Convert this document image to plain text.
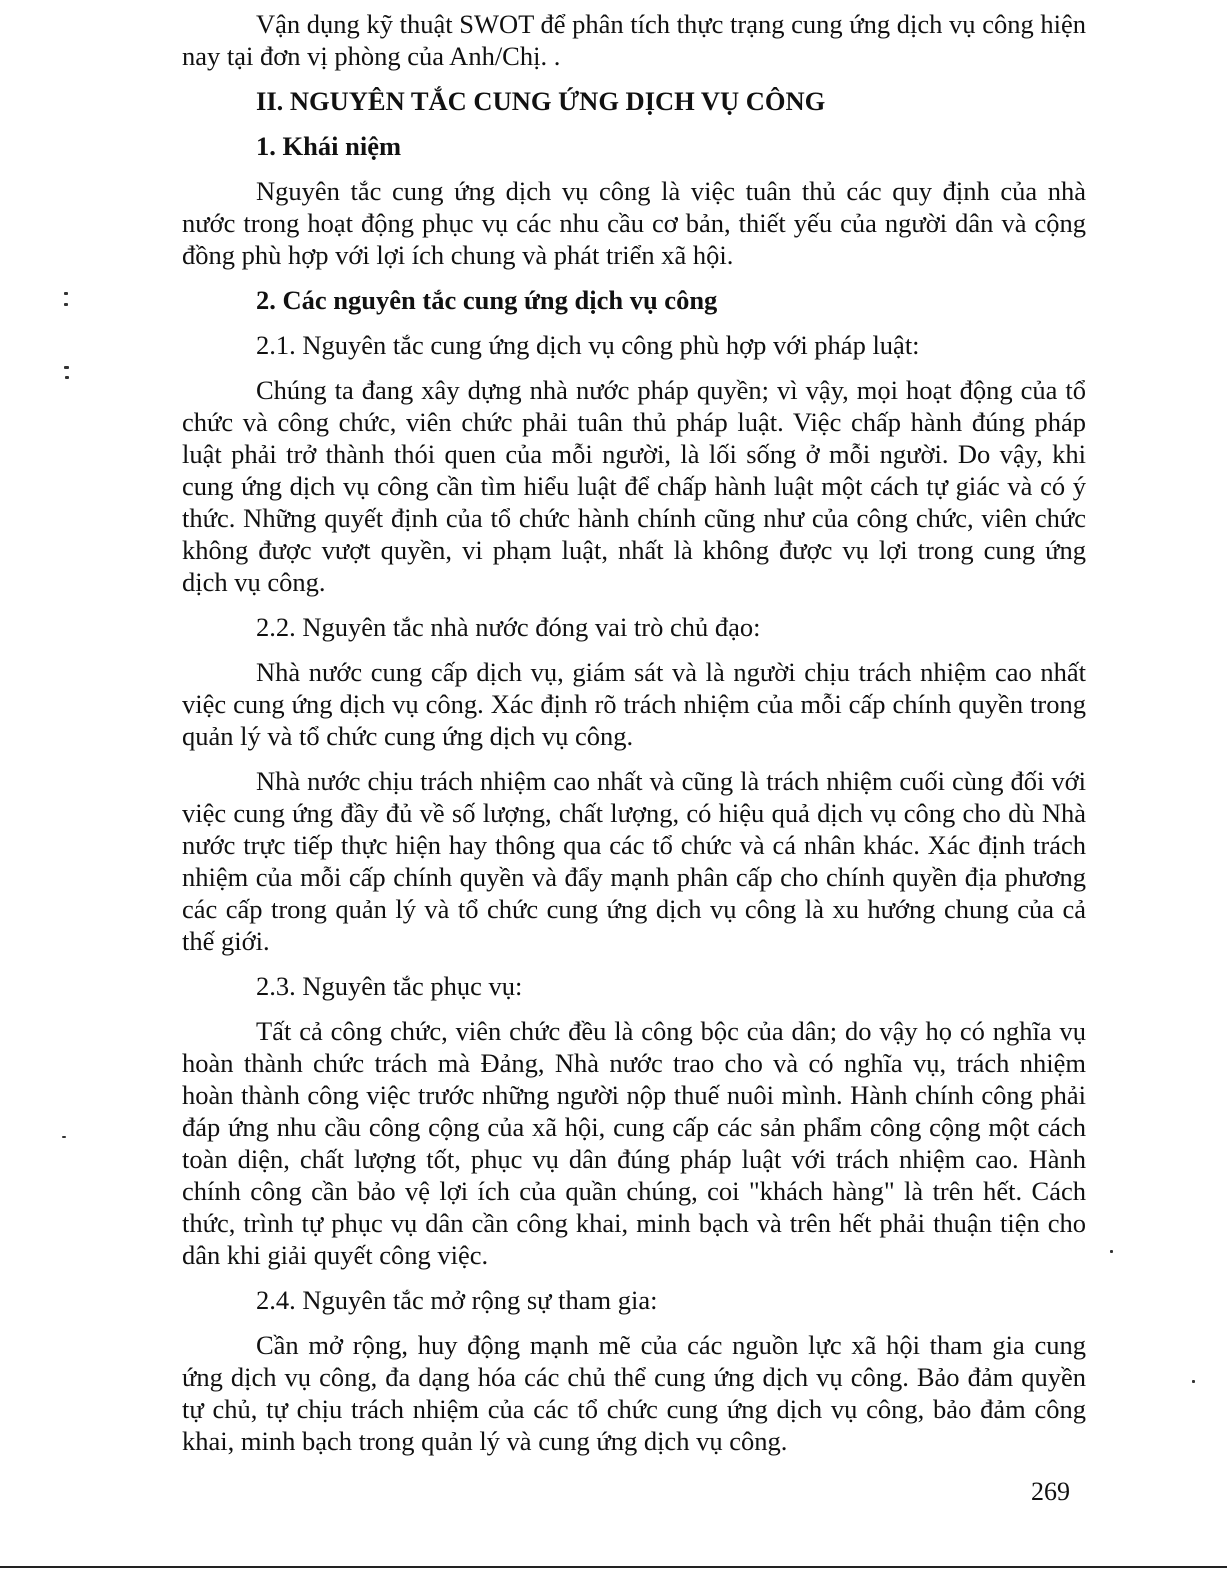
Vận dụng kỹ thuật SWOT để phân tích thực trạng cung ứng dịch vụ công hiện nay tại đơn vị phòng của Anh/Chị. .

II. NGUYÊN TẮC CUNG ỨNG DỊCH VỤ CÔNG

1. Khái niệm

Nguyên tắc cung ứng dịch vụ công là việc tuân thủ các quy định của nhà nước trong hoạt động phục vụ các nhu cầu cơ bản, thiết yếu của người dân và cộng đồng phù hợp với lợi ích chung và phát triển xã hội.

2. Các nguyên tắc cung ứng dịch vụ công

2.1. Nguyên tắc cung ứng dịch vụ công phù hợp với pháp luật:

Chúng ta đang xây dựng nhà nước pháp quyền; vì vậy, mọi hoạt động của tổ chức và công chức, viên chức phải tuân thủ pháp luật. Việc chấp hành đúng pháp luật phải trở thành thói quen của mỗi người, là lối sống ở mỗi người. Do vậy, khi cung ứng dịch vụ công cần tìm hiểu luật để chấp hành luật một cách tự giác và có ý thức. Những quyết định của tổ chức hành chính cũng như của công chức, viên chức không được vượt quyền, vi phạm luật, nhất là không được vụ lợi trong cung ứng dịch vụ công.

2.2. Nguyên tắc nhà nước đóng vai trò chủ đạo:

Nhà nước cung cấp dịch vụ, giám sát và là người chịu trách nhiệm cao nhất việc cung ứng dịch vụ công. Xác định rõ trách nhiệm của mỗi cấp chính quyền trong quản lý và tổ chức cung ứng dịch vụ công.

Nhà nước chịu trách nhiệm cao nhất và cũng là trách nhiệm cuối cùng đối với việc cung ứng đầy đủ về số lượng, chất lượng, có hiệu quả dịch vụ công cho dù Nhà nước trực tiếp thực hiện hay thông qua các tổ chức và cá nhân khác. Xác định trách nhiệm của mỗi cấp chính quyền và đẩy mạnh phân cấp cho chính quyền địa phương các cấp trong quản lý và tổ chức cung ứng dịch vụ công là xu hướng chung của cả thế giới.

2.3. Nguyên tắc phục vụ:

Tất cả công chức, viên chức đều là công bộc của dân; do vậy họ có nghĩa vụ hoàn thành chức trách mà Đảng, Nhà nước trao cho và có nghĩa vụ, trách nhiệm hoàn thành công việc trước những người nộp thuế nuôi mình. Hành chính công phải đáp ứng nhu cầu công cộng của xã hội, cung cấp các sản phẩm công cộng một cách toàn diện, chất lượng tốt, phục vụ dân đúng pháp luật với trách nhiệm cao. Hành chính công cần bảo vệ lợi ích của quần chúng, coi "khách hàng" là trên hết. Cách thức, trình tự phục vụ dân cần công khai, minh bạch và trên hết phải thuận tiện cho dân khi giải quyết công việc.

2.4. Nguyên tắc mở rộng sự tham gia:

Cần mở rộng, huy động mạnh mẽ của các nguồn lực xã hội tham gia cung ứng dịch vụ công, đa dạng hóa các chủ thể cung ứng dịch vụ công. Bảo đảm quyền tự chủ, tự chịu trách nhiệm của các tổ chức cung ứng dịch vụ công, bảo đảm công khai, minh bạch trong quản lý và cung ứng dịch vụ công.

269
